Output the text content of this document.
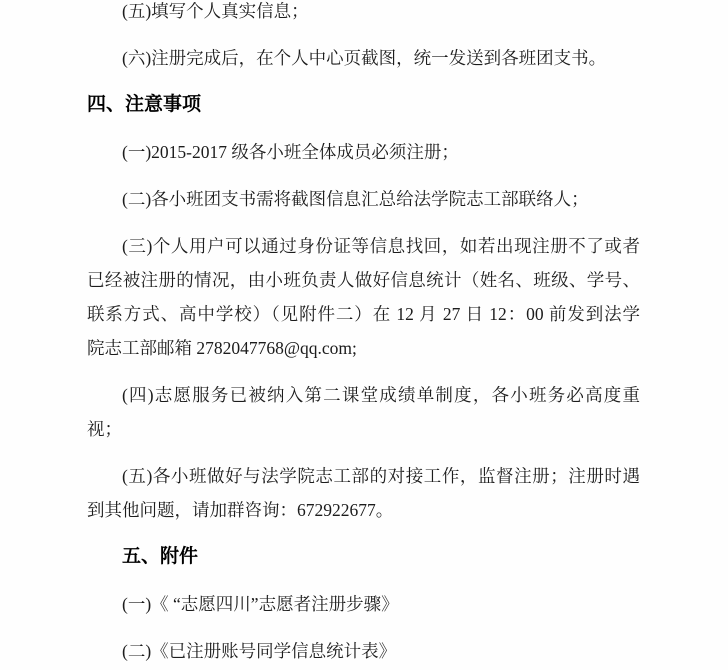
(五)填写个人真实信息；
(六)注册完成后，在个人中心页截图，统一发送到各班团支书。
四、注意事项
(一)2015-2017 级各小班全体成员必须注册；
(二)各小班团支书需将截图信息汇总给法学院志工部联络人；
(三)个人用户可以通过身份证等信息找回，如若出现注册不了或者
已经被注册的情况，由小班负责人做好信息统计（姓名、班级、学号、
联系方式、高中学校）（见附件二）在 12 月 27 日 12：00 前发到法学
院志工部邮箱 2782047768@qq.com;
(四)志愿服务已被纳入第二课堂成绩单制度，各小班务必高度重
视；
(五)各小班做好与法学院志工部的对接工作，监督注册；注册时遇
到其他问题，请加群咨询：672922677。
五、附件
(一)《 “志愿四川”志愿者注册步骤》
(二)《已注册账号同学信息统计表》
